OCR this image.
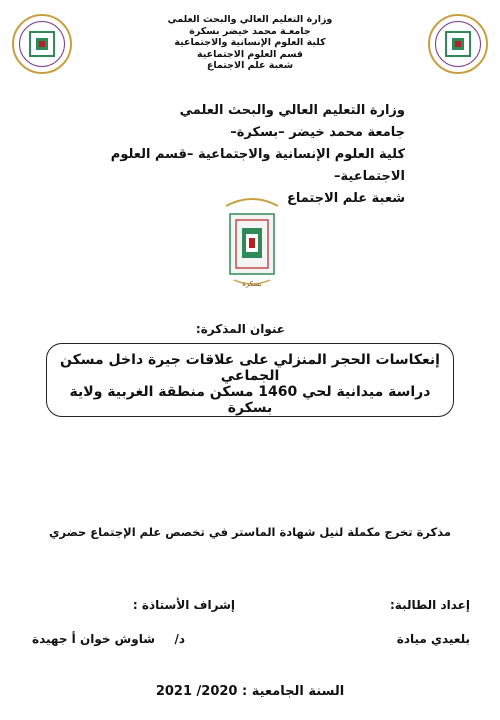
وزارة التعليم العالي والبحث العلمي
جامعـة محمد خيضر بسكرة
كلية العلوم الإنسانية والاجتماعية
قسم العلوم الاجتماعية
شعبة علم الاجتماع
وزارة التعليم العالي والبحث العلمي
جامعة محمد خيضر –بسكرة–
كلية العلوم الإنسانية والاجتماعية –قسم العلوم الاجتماعية–
شعبة علم الاجتماع
بسكرة
عنوان المذكرة:
إنعكاسات الحجر المنزلي على علاقات جيرة داخل مسكن الجماعي
دراسة ميدانية لحي 1460 مسكن منطقة الغربية ولاية بسكرة
مذكرة تخرج مكملة لنيل شهادة الماستر في تخصص علم الإجتماع حضري
إعداد الطالبة:
إشراف الأستاذة :
بلعيدي ميادة
د/
شاوش خوان أ جهيدة
السنة الجامعية : 2020/ 2021
